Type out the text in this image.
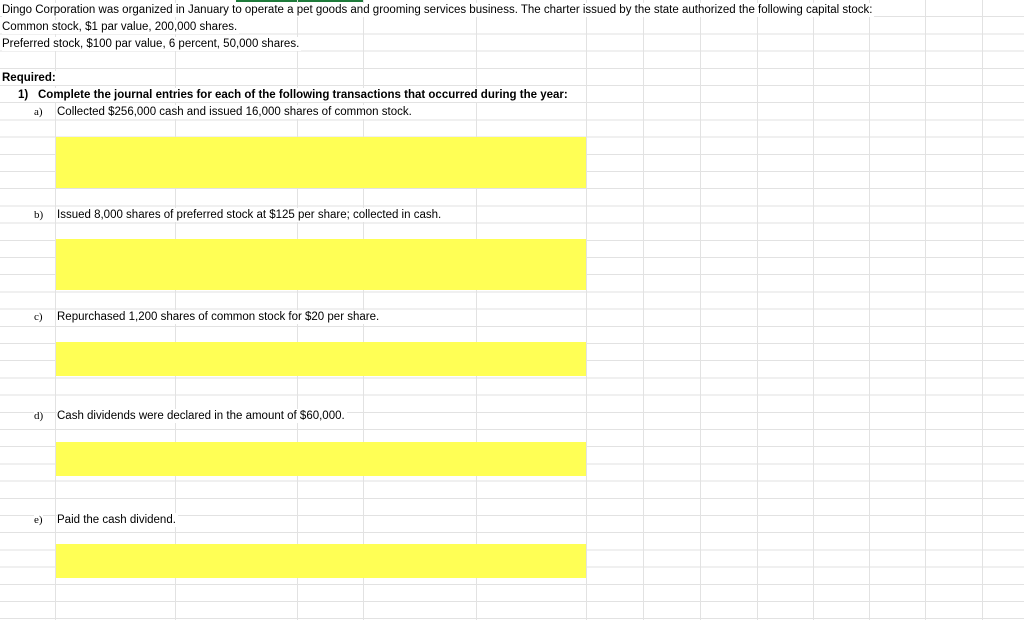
Dingo Corporation was organized in January to operate a pet goods and grooming services business. The charter issued by the state authorized the following capital stock:
Common stock, $1 par value, 200,000 shares.
Preferred stock, $100 par value, 6 percent, 50,000 shares.
Required:
1) Complete the journal entries for each of the following transactions that occurred during the year:
a) Collected $256,000 cash and issued 16,000 shares of common stock.
b) Issued 8,000 shares of preferred stock at $125 per share; collected in cash.
c) Repurchased 1,200 shares of common stock for $20 per share.
d) Cash dividends were declared in the amount of $60,000.
e) Paid the cash dividend.
